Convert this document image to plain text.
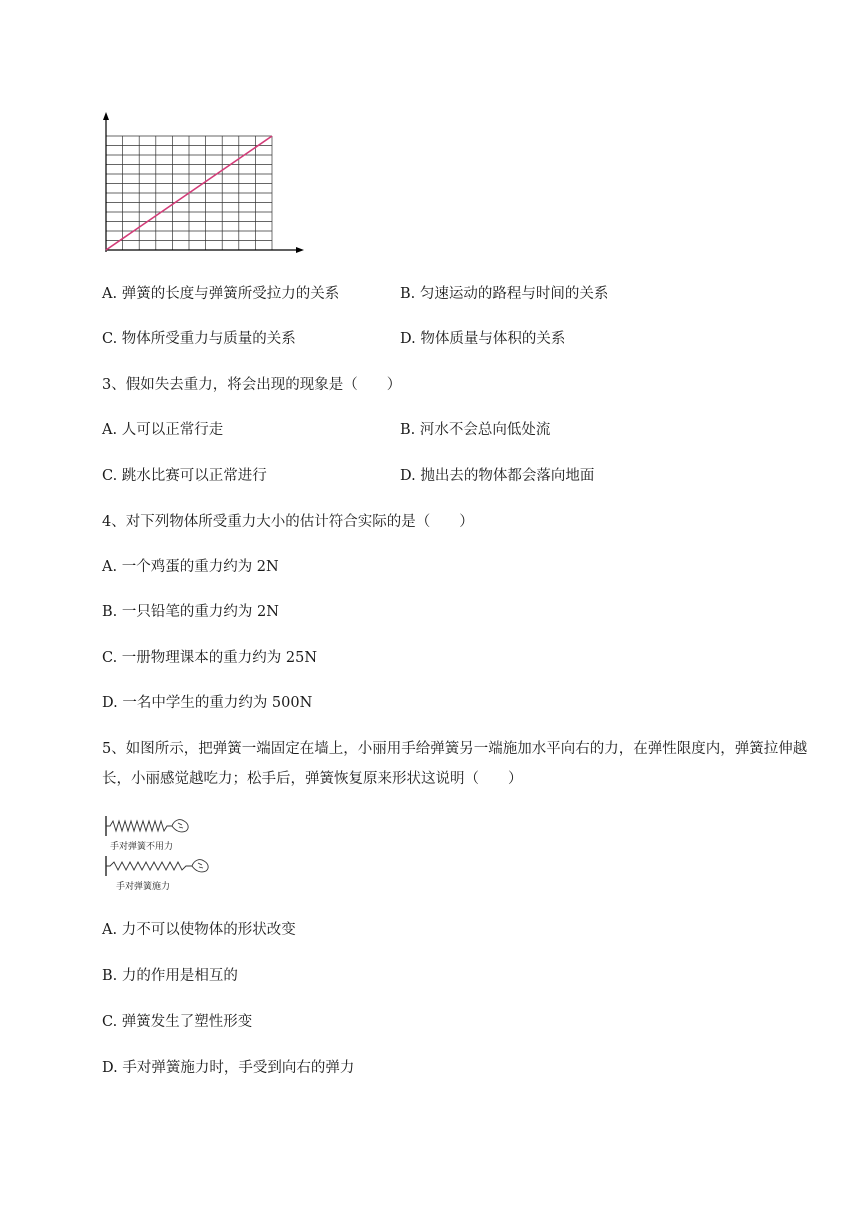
A. 弹簧的长度与弹簧所受拉力的关系	B. 匀速运动的路程与时间的关系
C. 物体所受重力与质量的关系	D. 物体质量与体积的关系
3、假如失去重力，将会出现的现象是（　　）
A. 人可以正常行走	B. 河水不会总向低处流
C. 跳水比赛可以正常进行	D. 抛出去的物体都会落向地面
4、对下列物体所受重力大小的估计符合实际的是（　　）
A. 一个鸡蛋的重力约为 2N
B. 一只铅笔的重力约为 2N
C. 一册物理课本的重力约为 25N
D. 一名中学生的重力约为 500N
5、如图所示，把弹簧一端固定在墙上，小丽用手给弹簧另一端施加水平向右的力，在弹性限度内，弹簧拉伸越长，小丽感觉越吃力；松手后，弹簧恢复原来形状这说明（　　）
手对弹簧不用力
手对弹簧施力
A. 力不可以使物体的形状改变
B. 力的作用是相互的
C. 弹簧发生了塑性形变
D. 手对弹簧施力时，手受到向右的弹力
